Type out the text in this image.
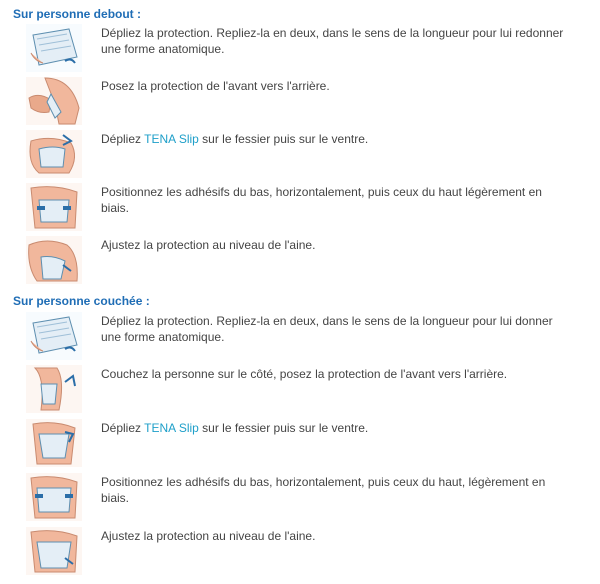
Sur personne debout :
Dépliez la protection. Repliez-la en deux, dans le sens de la longueur pour lui redonner une forme anatomique.
Posez la protection de l'avant vers l'arrière.
Dépliez TENA Slip sur le fessier puis sur le ventre.
Positionnez les adhésifs du bas, horizontalement, puis ceux du haut légèrement en biais.
Ajustez la protection au niveau de l'aine.
Sur personne couchée :
Dépliez la protection. Repliez-la en deux, dans le sens de la longueur pour lui donner une forme anatomique.
Couchez la personne sur le côté, posez la protection de l'avant vers l'arrière.
Dépliez TENA Slip sur le fessier puis sur le ventre.
Positionnez les adhésifs du bas, horizontalement, puis ceux du haut, légèrement en biais.
Ajustez la protection au niveau de l'aine.
